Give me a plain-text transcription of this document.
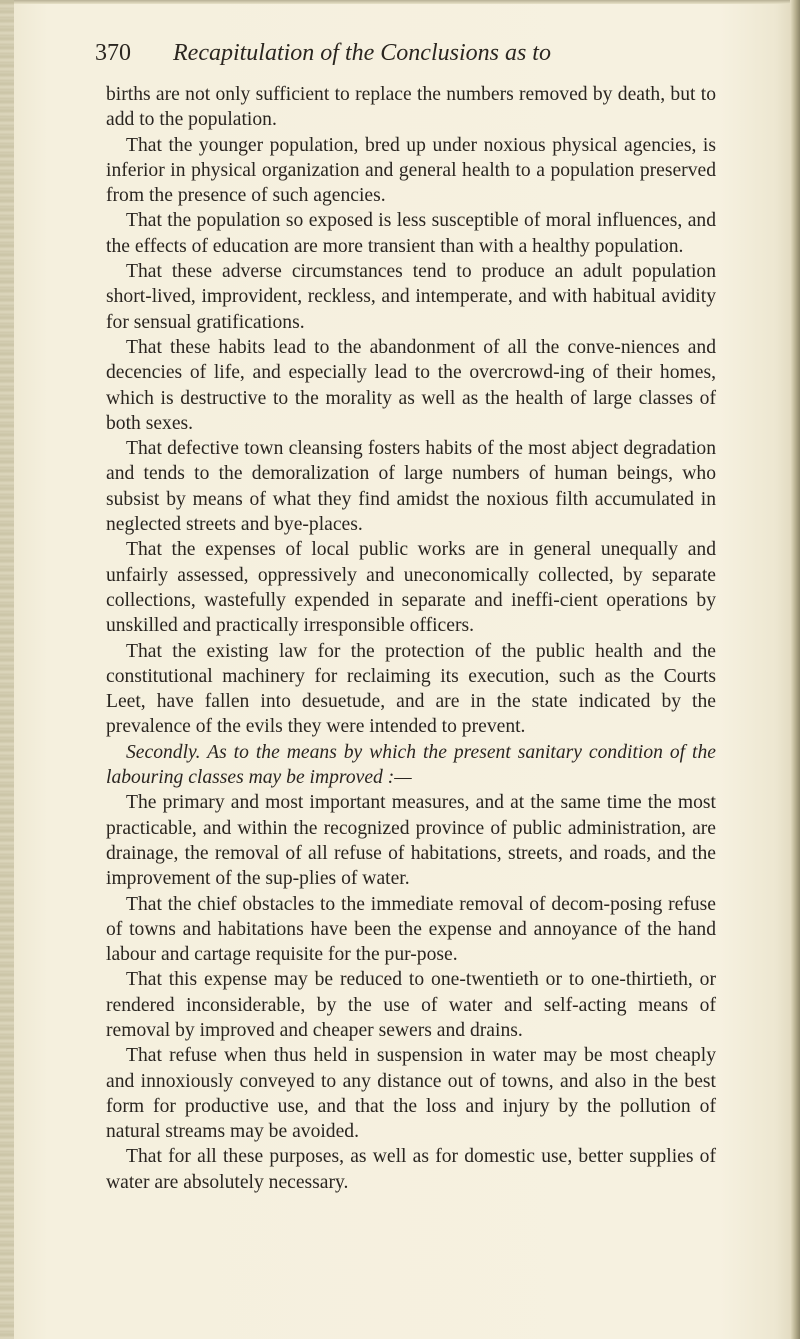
370 Recapitulation of the Conclusions as to

births are not only sufficient to replace the numbers removed by death, but to add to the population.

That the younger population, bred up under noxious physical agencies, is inferior in physical organization and general health to a population preserved from the presence of such agencies.

That the population so exposed is less susceptible of moral influences, and the effects of education are more transient than with a healthy population.

That these adverse circumstances tend to produce an adult population short-lived, improvident, reckless, and intemperate, and with habitual avidity for sensual gratifications.

That these habits lead to the abandonment of all the conve-niences and decencies of life, and especially lead to the overcrowd-ing of their homes, which is destructive to the morality as well as the health of large classes of both sexes.

That defective town cleansing fosters habits of the most abject degradation and tends to the demoralization of large numbers of human beings, who subsist by means of what they find amidst the noxious filth accumulated in neglected streets and bye-places.

That the expenses of local public works are in general unequally and unfairly assessed, oppressively and uneconomically collected, by separate collections, wastefully expended in separate and ineffi-cient operations by unskilled and practically irresponsible officers.

That the existing law for the protection of the public health and the constitutional machinery for reclaiming its execution, such as the Courts Leet, have fallen into desuetude, and are in the state indicated by the prevalence of the evils they were intended to prevent.

Secondly. As to the means by which the present sanitary condition of the labouring classes may be improved :—

The primary and most important measures, and at the same time the most practicable, and within the recognized province of public administration, are drainage, the removal of all refuse of habitations, streets, and roads, and the improvement of the sup-plies of water.

That the chief obstacles to the immediate removal of decom-posing refuse of towns and habitations have been the expense and annoyance of the hand labour and cartage requisite for the pur-pose.

That this expense may be reduced to one-twentieth or to one-thirtieth, or rendered inconsiderable, by the use of water and self-acting means of removal by improved and cheaper sewers and drains.

That refuse when thus held in suspension in water may be most cheaply and innoxiously conveyed to any distance out of towns, and also in the best form for productive use, and that the loss and injury by the pollution of natural streams may be avoided.

That for all these purposes, as well as for domestic use, better supplies of water are absolutely necessary.
